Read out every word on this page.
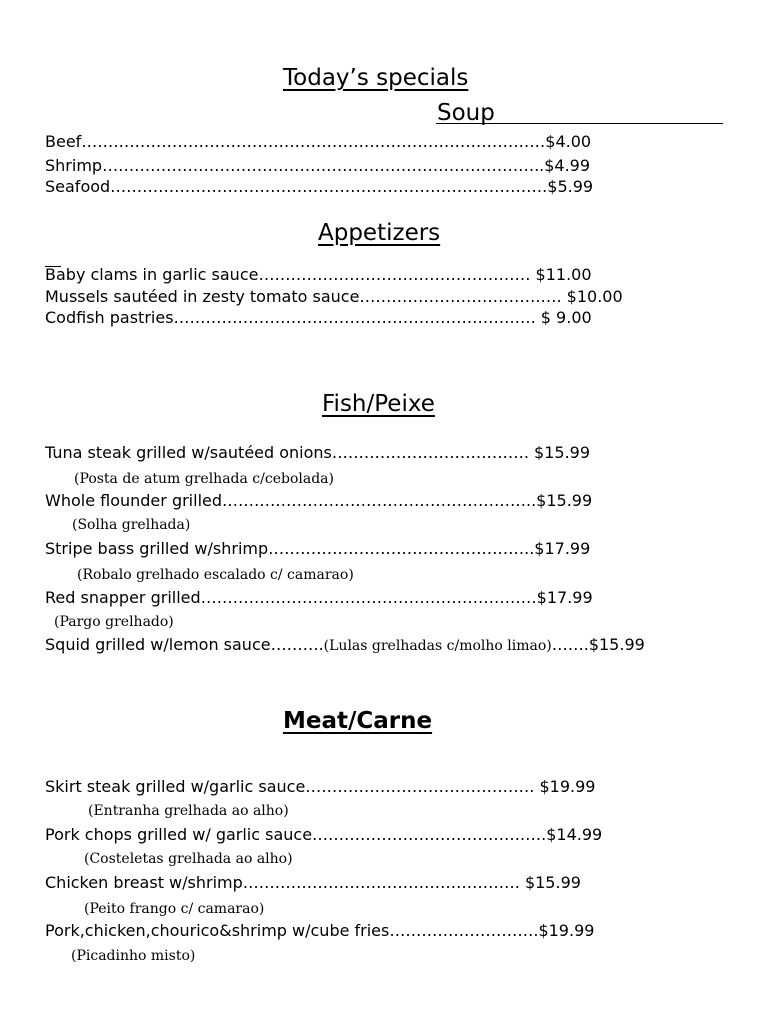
Today’s specials
Soup
Beef……………………………………………………………………………$4.00
Shrimp………………………………………………………………………..$4.99
Seafood……………………………………………………………………….$5.99
Appetizers
Baby clams in garlic sauce…………………………………………… $11.00
Mussels sautéed in zesty tomato sauce…………………………….…. $10.00
Codfish pastries……………………………………………………….…. $ 9.00
Fish/Peixe
Tuna steak grilled w/sautéed onions………………………………. $15.99
(Posta de atum grelhada c/cebolada)
Whole flounder grilled…………………………………………………..$15.99
(Solha grelhada)
Stripe bass grilled w/shrimp…………………………………………..$17.99
(Robalo grelhado escalado c/ camarao)
Red snapper grilled………………………………………………………$17.99
(Pargo grelhado)
Squid grilled w/lemon sauce……….(Lulas grelhadas c/molho limao)…….$15.99
Meat/Carne
Skirt steak grilled w/garlic sauce……………………………………. $19.99
(Entranha grelhada ao alho)
Pork chops grilled w/ garlic sauce………………………………….….$14.99
(Costeletas grelhada ao alho)
Chicken breast w/shrimp……………………………………………. $15.99
(Peito frango c/ camarao)
Pork,chicken,chourico&shrimp w/cube fries……………………….$19.99
(Picadinho misto)
